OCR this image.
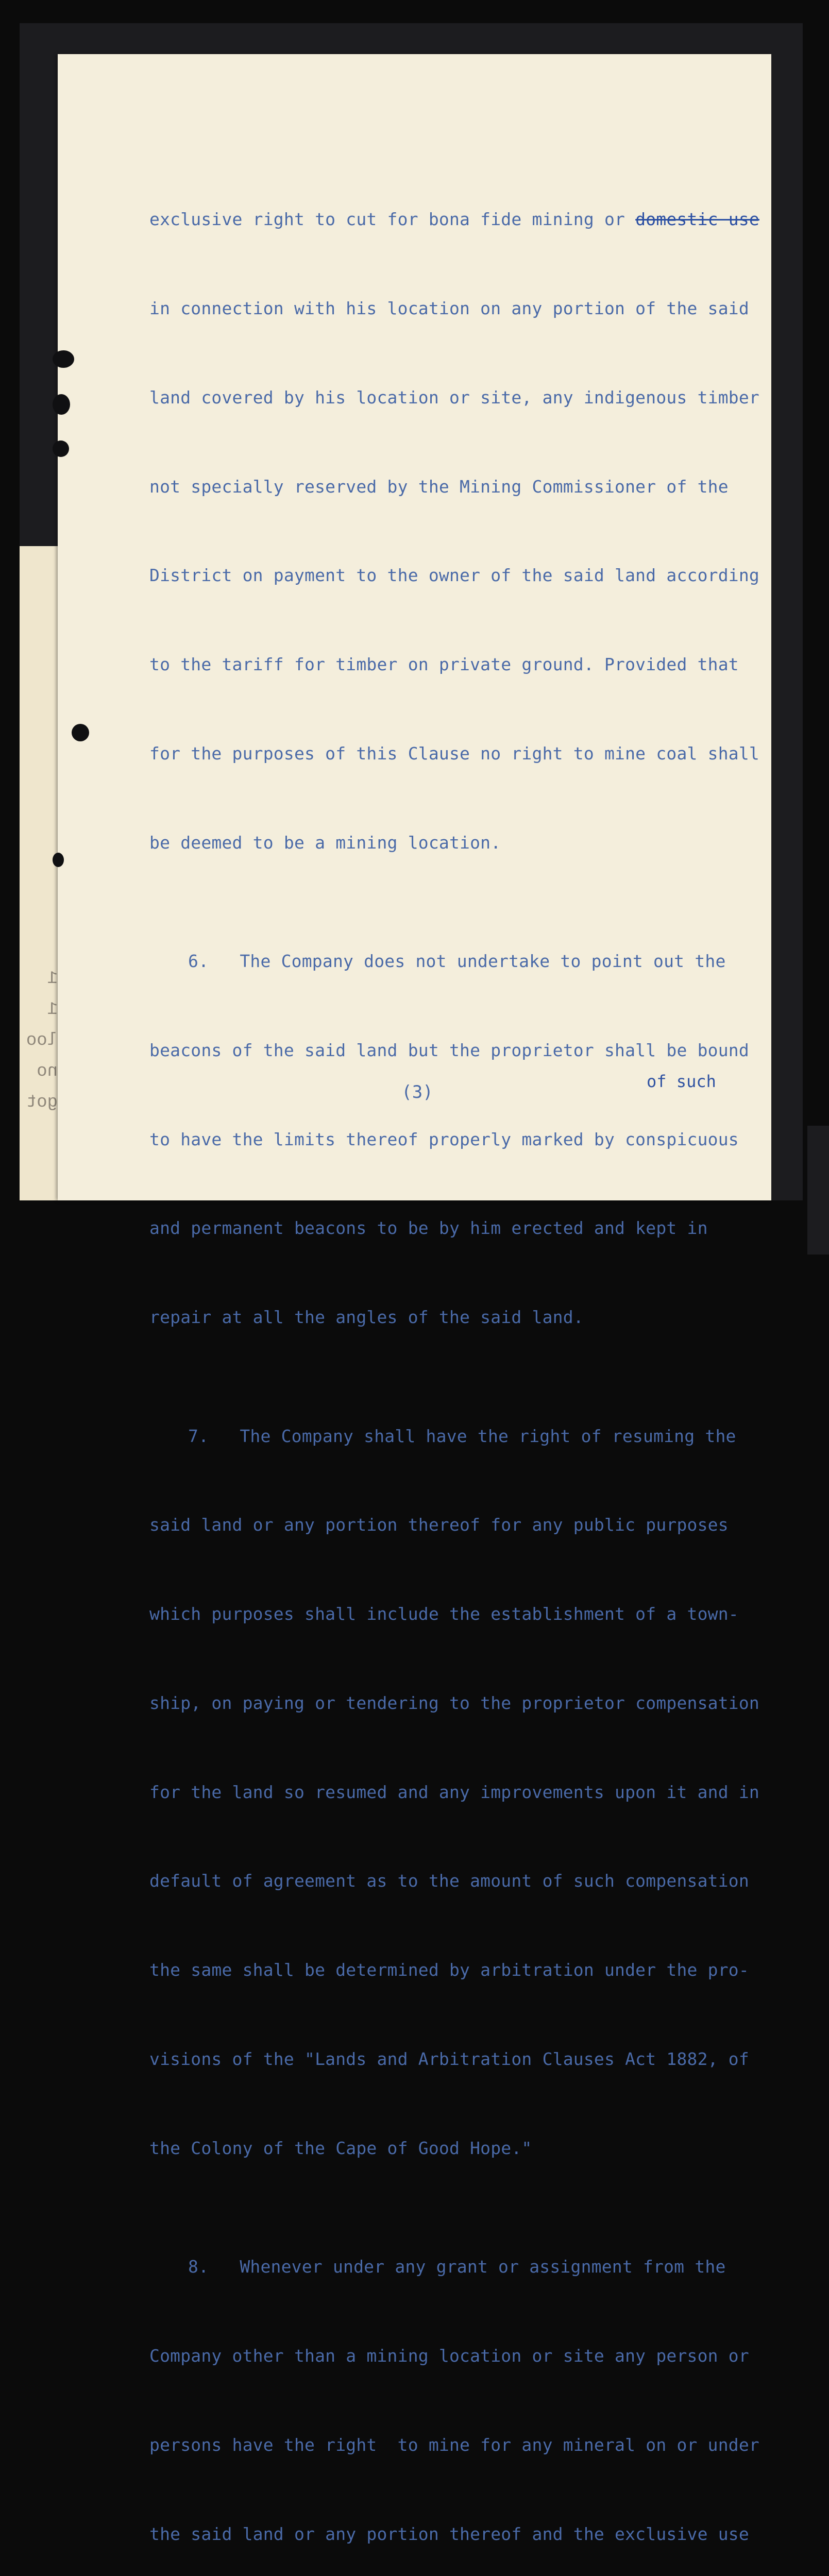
1
1
loo
no
got

exclusive right to cut for bona fide mining or domestic use

in connection with his location on any portion of the said

land covered by his location or site, any indigenous timber

not specially reserved by the Mining Commissioner of the

District on payment to the owner of the said land according

to the tariff for timber on private ground. Provided that

for the purposes of this Clause no right to mine coal shall

be deemed to be a mining location.

6.   The Company does not undertake to point out the

beacons of the said land but the proprietor shall be bound

to have the limits thereof properly marked by conspicuous

and permanent beacons to be by him erected and kept in

repair at all the angles of the said land.

7.   The Company shall have the right of resuming the

said land or any portion thereof for any public purposes

which purposes shall include the establishment of a town-

ship, on paying or tendering to the proprietor compensation

for the land so resumed and any improvements upon it and in

default of agreement as to the amount of such compensation

the same shall be determined by arbitration under the pro-

visions of the "Lands and Arbitration Clauses Act 1882, of

the Colony of the Cape of Good Hope."

8.   Whenever under any grant or assignment from the

Company other than a mining location or site any person or

persons have the right  to mine for any mineral on or under

the said land or any portion thereof and the exclusive use

(3)

of such
